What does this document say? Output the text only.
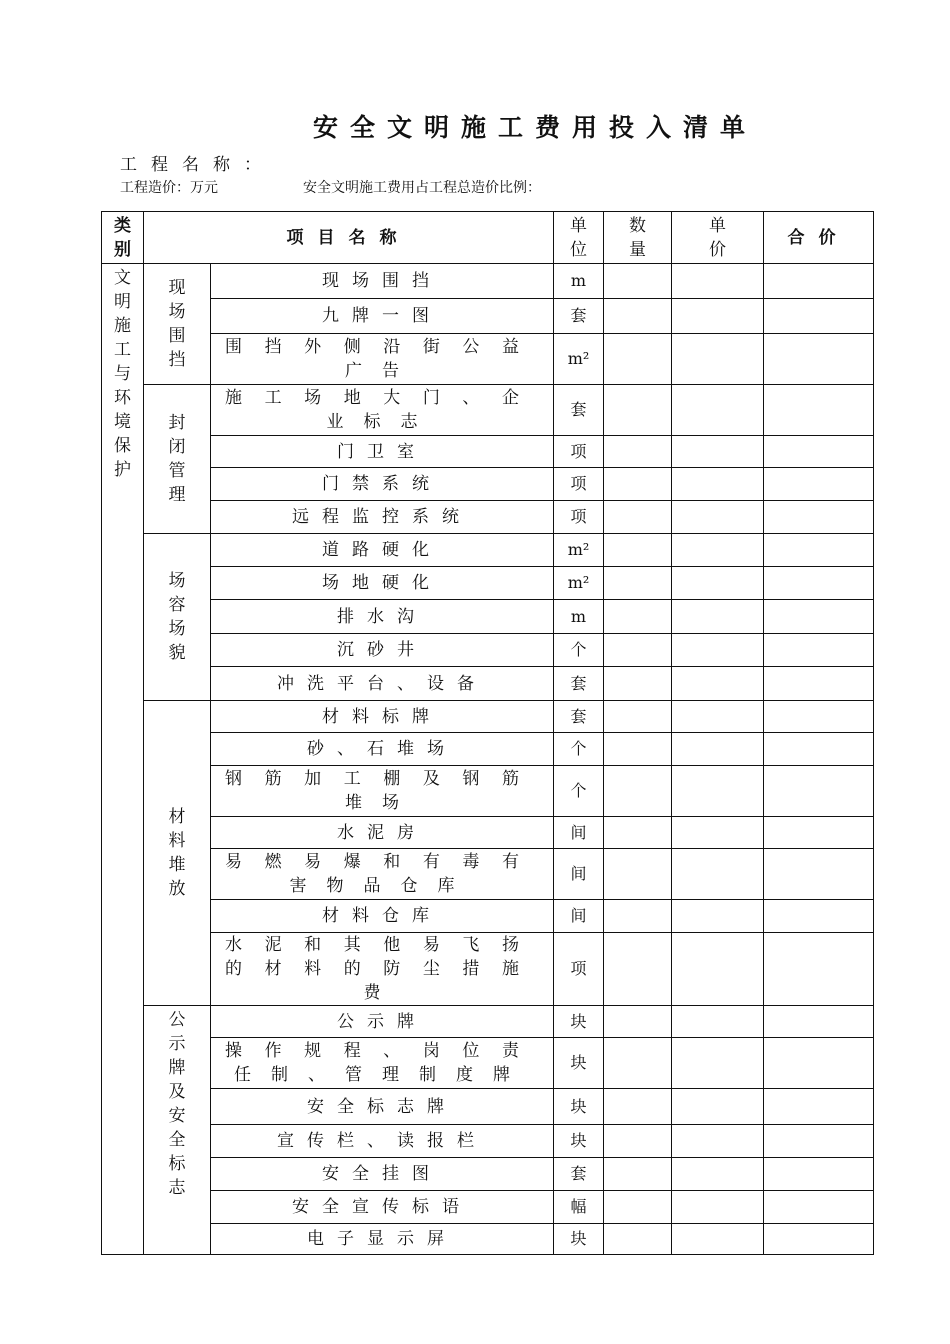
安全文明施工费用投入清单
工程名称：
工程造价：万元	安全文明施工费用占工程总造价比例：
类别	项目名称		单位	数量	单价	合价

文明施工与环境保护	现场围挡	现场围挡	m			
		九牌一图	套			
		围挡外侧沿街公益广告	m²			

	封闭管理	施工场地大门、企业标志	套			
		门卫室	项			
		门禁系统	项			
		远程监控系统	项			

	场容场貌	道路硬化	m²			
		场地硬化	m²			
		排水沟	m			
		沉砂井	个			
		冲洗平台、设备	套			

	材料堆放	材料标牌	套			
		砂、石堆场	个			
		钢筋加工棚及钢筋堆场	个			
		水泥房	间			
		易燃易爆和有毒有害物品仓库	间			
		材料仓库	间			
		水泥和其他易飞扬的材料的防尘措施费	项			

	公示牌及安全标志	公示牌	块			
		操作规程、岗位责任制、管理制度牌	块			
		安全标志牌	块			
		宣传栏、读报栏	块			
		安全挂图	套			
		安全宣传标语	幅			
		电子显示屏	块			
